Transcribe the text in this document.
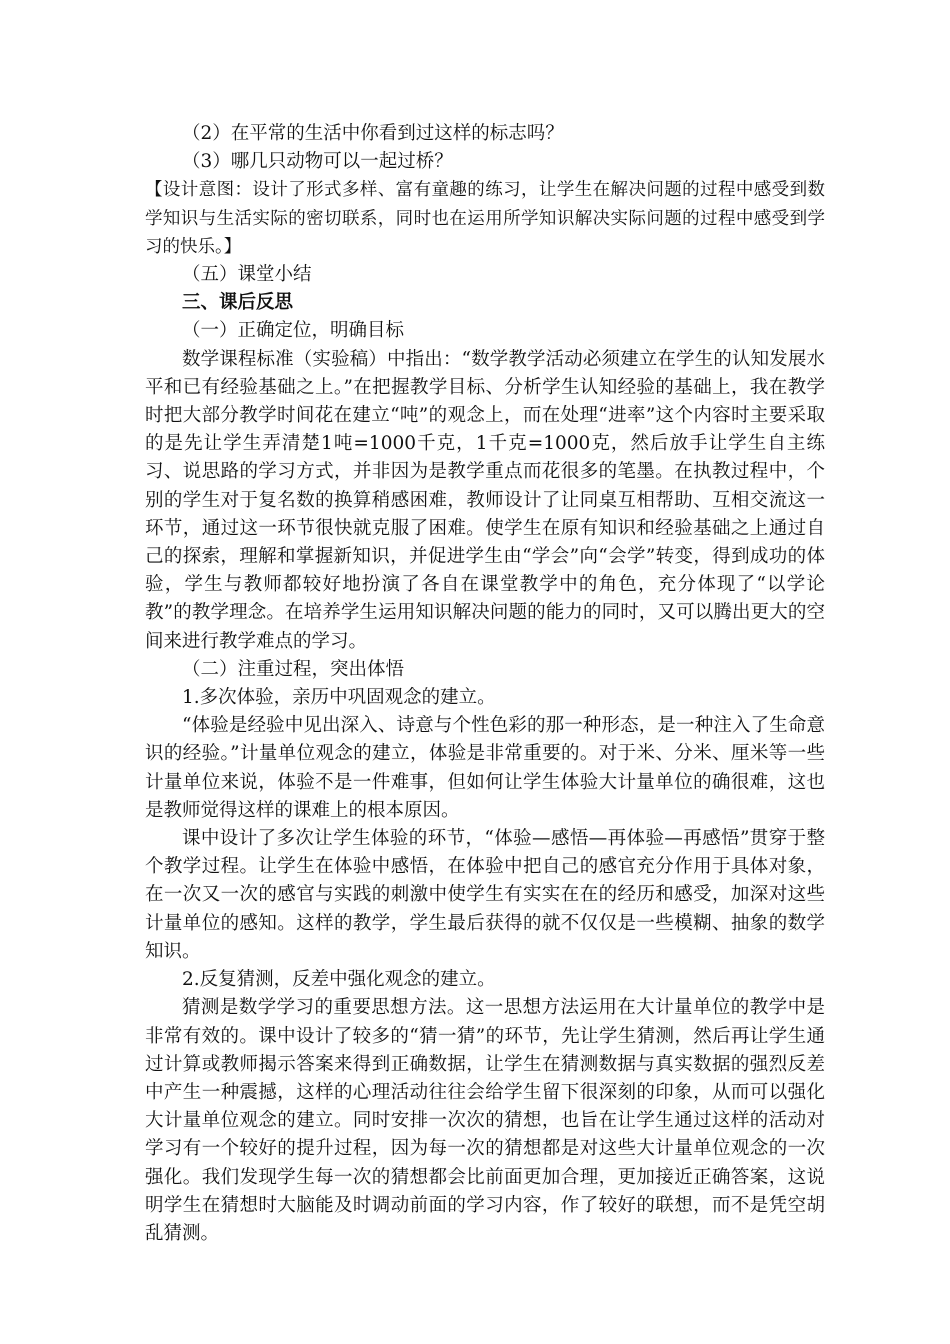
（2）在平常的生活中你看到过这样的标志吗？

（3）哪几只动物可以一起过桥？

【设计意图：设计了形式多样、富有童趣的练习，让学生在解决问题的过程中感受到数学知识与生活实际的密切联系，同时也在运用所学知识解决实际问题的过程中感受到学习的快乐。】

（五）课堂小结

三、课后反思

（一）正确定位，明确目标

数学课程标准（实验稿）中指出：“数学教学活动必须建立在学生的认知发展水平和已有经验基础之上。”在把握教学目标、分析学生认知经验的基础上，我在教学时把大部分教学时间花在建立“吨”的观念上，而在处理“进率”这个内容时主要采取的是先让学生弄清楚1吨=1000千克，1千克=1000克，然后放手让学生自主练习、说思路的学习方式，并非因为是教学重点而花很多的笔墨。在执教过程中，个别的学生对于复名数的换算稍感困难，教师设计了让同桌互相帮助、互相交流这一环节，通过这一环节很快就克服了困难。使学生在原有知识和经验基础之上通过自己的探索，理解和掌握新知识，并促进学生由“学会”向“会学”转变，得到成功的体验，学生与教师都较好地扮演了各自在课堂教学中的角色，充分体现了“以学论教”的教学理念。在培养学生运用知识解决问题的能力的同时，又可以腾出更大的空间来进行教学难点的学习。

（二）注重过程，突出体悟

1.多次体验，亲历中巩固观念的建立。

“体验是经验中见出深入、诗意与个性色彩的那一种形态，是一种注入了生命意识的经验。”计量单位观念的建立，体验是非常重要的。对于米、分米、厘米等一些计量单位来说，体验不是一件难事，但如何让学生体验大计量单位的确很难，这也是教师觉得这样的课难上的根本原因。

课中设计了多次让学生体验的环节，“体验—感悟—再体验—再感悟”贯穿于整个教学过程。让学生在体验中感悟，在体验中把自己的感官充分作用于具体对象，在一次又一次的感官与实践的刺激中使学生有实实在在的经历和感受，加深对这些计量单位的感知。这样的教学，学生最后获得的就不仅仅是一些模糊、抽象的数学知识。

2.反复猜测，反差中强化观念的建立。

猜测是数学学习的重要思想方法。这一思想方法运用在大计量单位的教学中是非常有效的。课中设计了较多的“猜一猜”的环节，先让学生猜测，然后再让学生通过计算或教师揭示答案来得到正确数据，让学生在猜测数据与真实数据的强烈反差中产生一种震撼，这样的心理活动往往会给学生留下很深刻的印象，从而可以强化大计量单位观念的建立。同时安排一次次的猜想，也旨在让学生通过这样的活动对学习有一个较好的提升过程，因为每一次的猜想都是对这些大计量单位观念的一次强化。我们发现学生每一次的猜想都会比前面更加合理，更加接近正确答案，这说明学生在猜想时大脑能及时调动前面的学习内容，作了较好的联想，而不是凭空胡乱猜测。
